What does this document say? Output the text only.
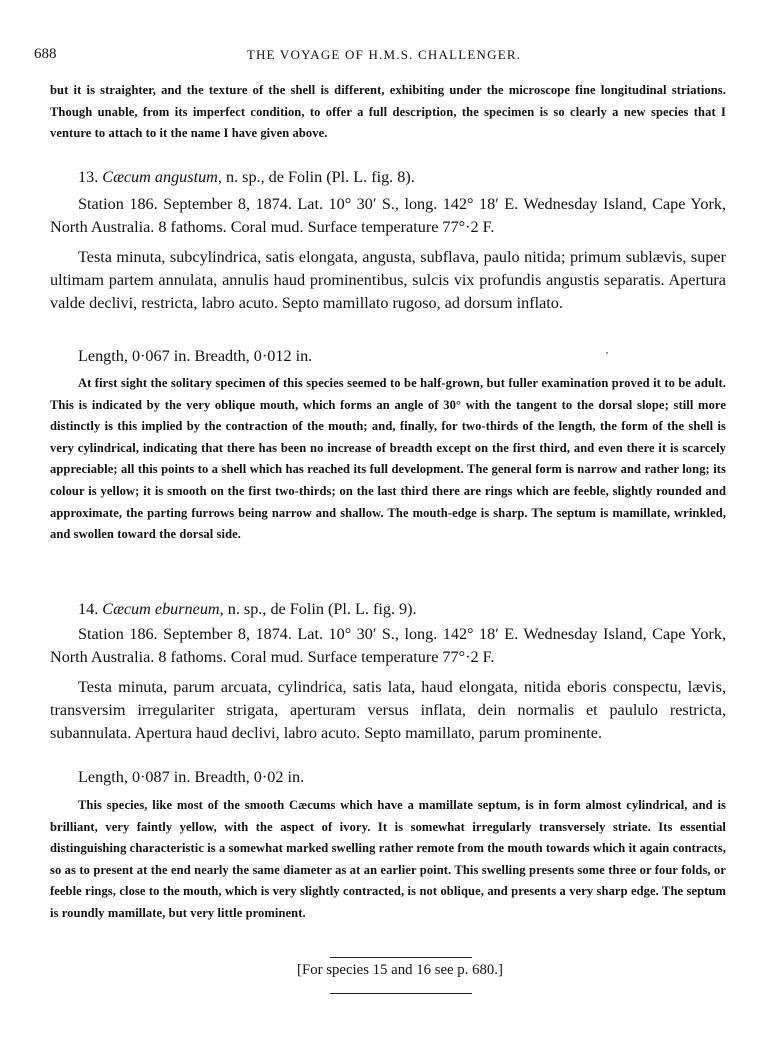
688	THE VOYAGE OF H.M.S. CHALLENGER.

but it is straighter, and the texture of the shell is different, exhibiting under the microscope fine longitudinal striations. Though unable, from its imperfect condition, to offer a full description, the specimen is so clearly a new species that I venture to attach to it the name I have given above.

13. Cæcum angustum, n. sp., de Folin (Pl. L. fig. 8).

Station 186. September 8, 1874. Lat. 10° 30′ S., long. 142° 18′ E. Wednesday Island, Cape York, North Australia. 8 fathoms. Coral mud. Surface temperature 77°·2 F.

Testa minuta, subcylindrica, satis elongata, angusta, subflava, paulo nitida; primum sublævis, super ultimam partem annulata, annulis haud prominentibus, sulcis vix profundis angustis separatis. Apertura valde declivi, restricta, labro acuto. Septo mamillato rugoso, ad dorsum inflato.

Length, 0·067 in. Breadth, 0·012 in.

At first sight the solitary specimen of this species seemed to be half-grown, but fuller examination proved it to be adult. This is indicated by the very oblique mouth, which forms an angle of 30° with the tangent to the dorsal slope; still more distinctly is this implied by the contraction of the mouth; and, finally, for two-thirds of the length, the form of the shell is very cylindrical, indicating that there has been no increase of breadth except on the first third, and even there it is scarcely appreciable; all this points to a shell which has reached its full development. The general form is narrow and rather long; its colour is yellow; it is smooth on the first two-thirds; on the last third there are rings which are feeble, slightly rounded and approximate, the parting furrows being narrow and shallow. The mouth-edge is sharp. The septum is mamillate, wrinkled, and swollen toward the dorsal side.

14. Cæcum eburneum, n. sp., de Folin (Pl. L. fig. 9).

Station 186. September 8, 1874. Lat. 10° 30′ S., long. 142° 18′ E. Wednesday Island, Cape York, North Australia. 8 fathoms. Coral mud. Surface temperature 77°·2 F.

Testa minuta, parum arcuata, cylindrica, satis lata, haud elongata, nitida eboris conspectu, lævis, transversim irregulariter strigata, aperturam versus inflata, dein normalis et paululo restricta, subannulata. Apertura haud declivi, labro acuto. Septo mamillato, parum prominente.

Length, 0·087 in. Breadth, 0·02 in.

This species, like most of the smooth Cæcums which have a mamillate septum, is in form almost cylindrical, and is brilliant, very faintly yellow, with the aspect of ivory. It is somewhat irregularly transversely striate. Its essential distinguishing characteristic is a somewhat marked swelling rather remote from the mouth towards which it again contracts, so as to present at the end nearly the same diameter as at an earlier point. This swelling presents some three or four folds, or feeble rings, close to the mouth, which is very slightly contracted, is not oblique, and presents a very sharp edge. The septum is roundly mamillate, but very little prominent.

[For species 15 and 16 see p. 680.]
